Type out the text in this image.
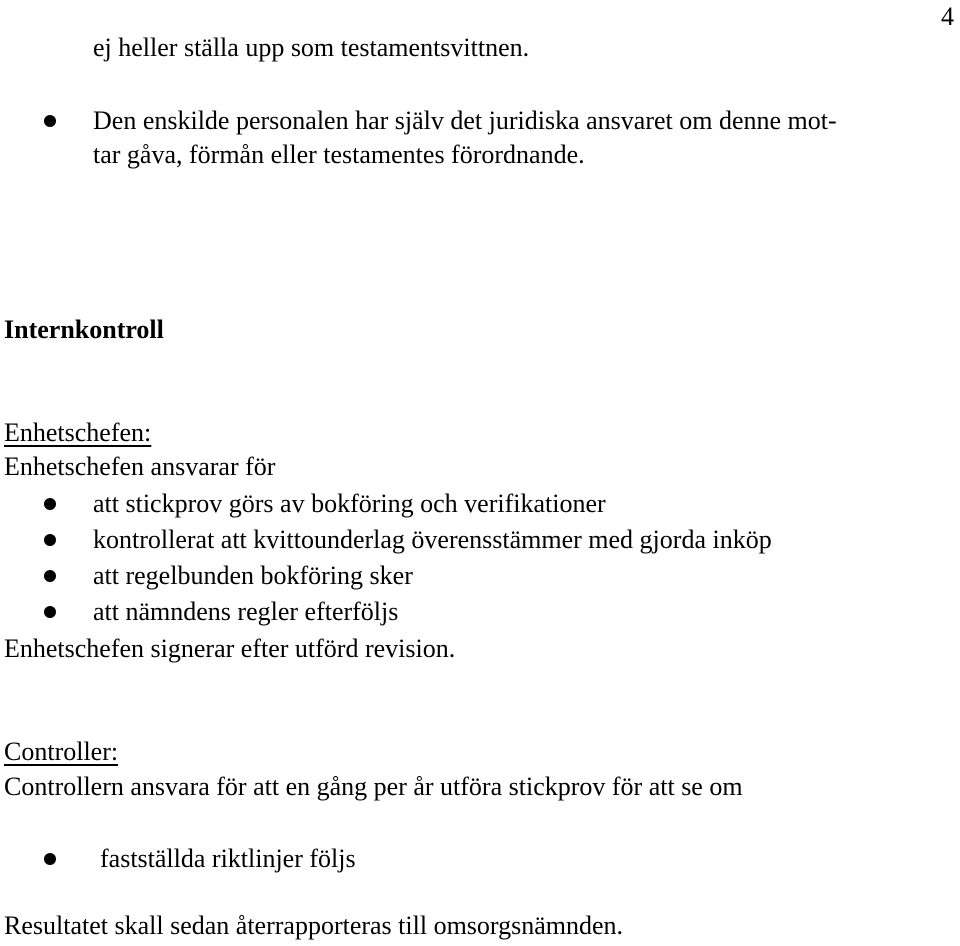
4
ej heller ställa upp som testamentsvittnen.
Den enskilde personalen har själv det juridiska ansvaret om denne mot-
tar gåva, förmån eller testamentes förordnande.
Internkontroll
Enhetschefen:
Enhetschefen ansvarar för
att stickprov görs av bokföring och verifikationer
kontrollerat att kvittounderlag överensstämmer med gjorda inköp
att regelbunden bokföring sker
att nämndens regler efterföljs
Enhetschefen signerar efter utförd revision.
Controller:
Controllern ansvara för att en gång per år utföra stickprov för att se om
fastställda riktlinjer följs
Resultatet skall sedan återrapporteras till omsorgsnämnden.
